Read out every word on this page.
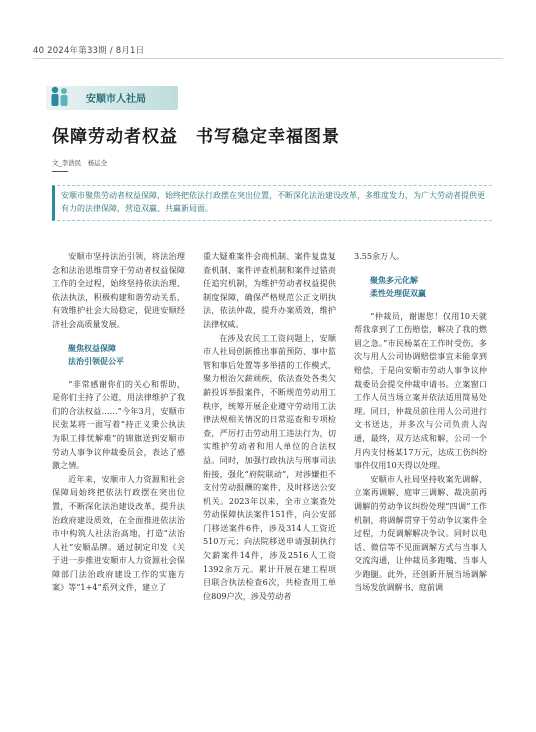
40 2024年第33期 / 8月1日
安顺市人社局
保障劳动者权益　书写稳定幸福图景
文_李浩民　杨运全
安顺市聚焦劳动者权益保障，始终把依法行政摆在突出位置，不断深化法治建设改革，多维度发力，为广大劳动者提供更有力的法律保障，营造双赢、共赢新局面。

安顺市坚持法治引领，将法治理念和法治思维贯穿于劳动者权益保障工作的全过程，始终坚持依法治理、依法执法，积极构建和谐劳动关系，有效维护社会大局稳定，促进安顺经济社会高质量发展。

聚焦权益保障
法治引领促公平

“非常感谢你们的关心和帮助，是你们主持了公道，用法律维护了我们的合法权益……”今年3月，安顺市民张某将一面写着“持正义秉公执法 为职工排忧解难”的锦旗送到安顺市劳动人事争议仲裁委员会，表达了感激之情。

近年来，安顺市人力资源和社会保障局始终把依法行政摆在突出位置，不断深化法治建设改革，提升法治政府建设质效，在全面推进依法治市中构筑人社法治高地，打造“法治人社”安顺品牌。通过制定印发《关于进一步推进安顺市人力资源社会保障部门法治政府建设工作的实施方案》等“1+4”系列文件，建立了

重大疑难案件会商机制、案件复盘复查机制、案件评查机制和案件过错责任追究机制，为维护劳动者权益提供制度保障，确保严格规范公正文明执法，依法仲裁，提升办案质效，维护法律权威。

在涉及农民工工资问题上，安顺市人社局创新推出事前预防、事中监管和事后处置等多举措的工作模式，聚力根治欠薪顽疾，依法查处各类欠薪投诉举报案件，不断规范劳动用工秩序，统筹开展企业遵守劳动用工法律法规相关情况的日常巡查和专项检查，严厉打击劳动用工违法行为，切实维护劳动者和用人单位的合法权益。同时，加强行政执法与刑事司法衔接，强化“府院联动”，对涉嫌拒不支付劳动报酬的案件，及时移送公安机关。2023年以来，全市立案查处劳动保障执法案件151件，向公安部门移送案件6件，涉及314人工资近510万元；向法院移送申请强制执行欠薪案件14件，涉及2516人工资1392余万元。累计开展在建工程项目联合执法检查6次，共检查用工单位809户次，涉及劳动者

3.55余万人。

聚焦多元化解
柔性处理促双赢

“仲裁员，谢谢您！仅用10天就帮我拿到了工伤赔偿，解决了我的燃眉之急。”市民杨某在工作时受伤，多次与用人公司协调赔偿事宜未能拿到赔偿，于是向安顺市劳动人事争议仲裁委员会提交仲裁申请书。立案窗口工作人员当场立案并依法适用简易处理。同日，仲裁员前往用人公司进行文书送达，并多次与公司负责人沟通，最终，双方达成和解，公司一个月内支付杨某17万元，达成工伤纠纷事件仅用10天得以处理。

安顺市人社局坚持收案先调解、立案再调解、庭审三调解、裁决前再调解的劳动争议纠纷处理“四调”工作机制，将调解贯穿于劳动争议案件全过程，力促调解解决争议。同时以电话、微信等不见面调解方式与当事人交流沟通，让仲裁员多跑嘴、当事人少跑腿。此外，还创新开展当场调解当场发放调解书、庭前调
